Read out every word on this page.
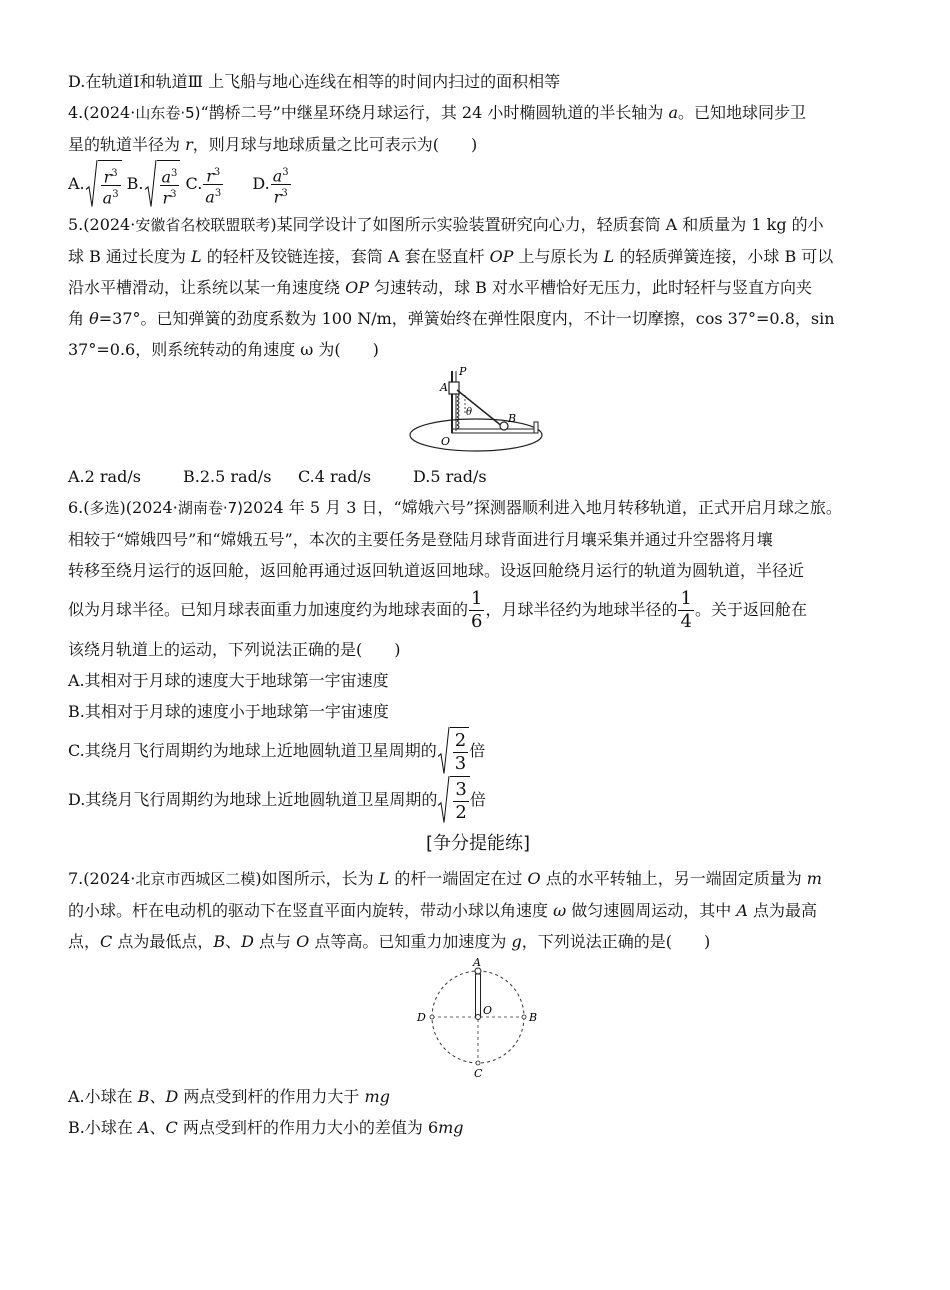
D.在轨道Ⅰ和轨道Ⅲ 上飞船与地心连线在相等的时间内扫过的面积相等
4.(2024·山东卷·5)“鹊桥二号”中继星环绕月球运行，其 24 小时椭圆轨道的半长轴为 a。已知地球同步卫
星的轨道半径为 r，则月球与地球质量之比可表示为(　　)
A. $\frac{r^3}{a^3} B$. $\frac{a^3}{r^3} C$. $\frac{r^3}{a^3} D$. $\frac{a^3}{r^3}$
5.(2024·安徽省名校联盟联考)某同学设计了如图所示实验装置研究向心力，轻质套筒 A 和质量为 1 kg 的小
球 B 通过长度为 L 的轻杆及铰链连接，套筒 A 套在竖直杆 OP 上与原长为 L 的轻质弹簧连接，小球 B 可以
沿水平槽滑动，让系统以某一角速度绕 OP 匀速转动，球 B 对水平槽恰好无压力，此时轻杆与竖直方向夹
角 θ=37°。已知弹簧的劲度系数为 100 N/m，弹簧始终在弹性限度内，不计一切摩擦，cos 37°=0.8，sin
37°=0.6，则系统转动的角速度 ω 为(　　)
P
A
θ	B
O
A.2 rad/s	B.2.5 rad/s C.4 rad/s	D.5 rad/s
6.(多选)(2024·湖南卷·7)2024 年 5 月 3 日，“嫦娥六号”探测器顺利进入地月转移轨道，正式开启月球之旅。
相较于“嫦娥四号”和“嫦娥五号”，本次的主要任务是登陆月球背面进行月壤采集并通过升空器将月壤
转移至绕月运行的返回舱，返回舱再通过返回轨道返回地球。设返回舱绕月运行的轨道为圆轨道，半径近
似为月球半径。已知月球表面重力加速度约为地球表面的 $\frac{1}{6}$ ，月球半径约为地球半径的 $\frac{1}{4}$ 。关于返回舱在
该绕月轨道上的运动，下列说法正确的是(　　)
A.其相对于月球的速度大于地球第一宇宙速度
B.其相对于月球的速度小于地球第一宇宙速度
C.其绕月飞行周期约为地球上近地圆轨道卫星周期的 $\frac{2}{3}$ 倍
D.其绕月飞行周期约为地球上近地圆轨道卫星周期的 $\frac{3}{2}$ 倍
[争分提能练]
7.(2024·北京市西城区二模)如图所示，长为 L 的杆一端固定在过 O 点的水平转轴上，另一端固定质量为 m
的小球。杆在电动机的驱动下在竖直平面内旋转，带动小球以角速度 ω 做匀速圆周运动，其中 A 点为最高
点，C 点为最低点，B、D 点与 O 点等高。已知重力加速度为 g，下列说法正确的是(　　)
A
B
C
D
O
A.小球在 B、D 两点受到杆的作用力大于 mg
B.小球在 A、C 两点受到杆的作用力大小的差值为 6mg
